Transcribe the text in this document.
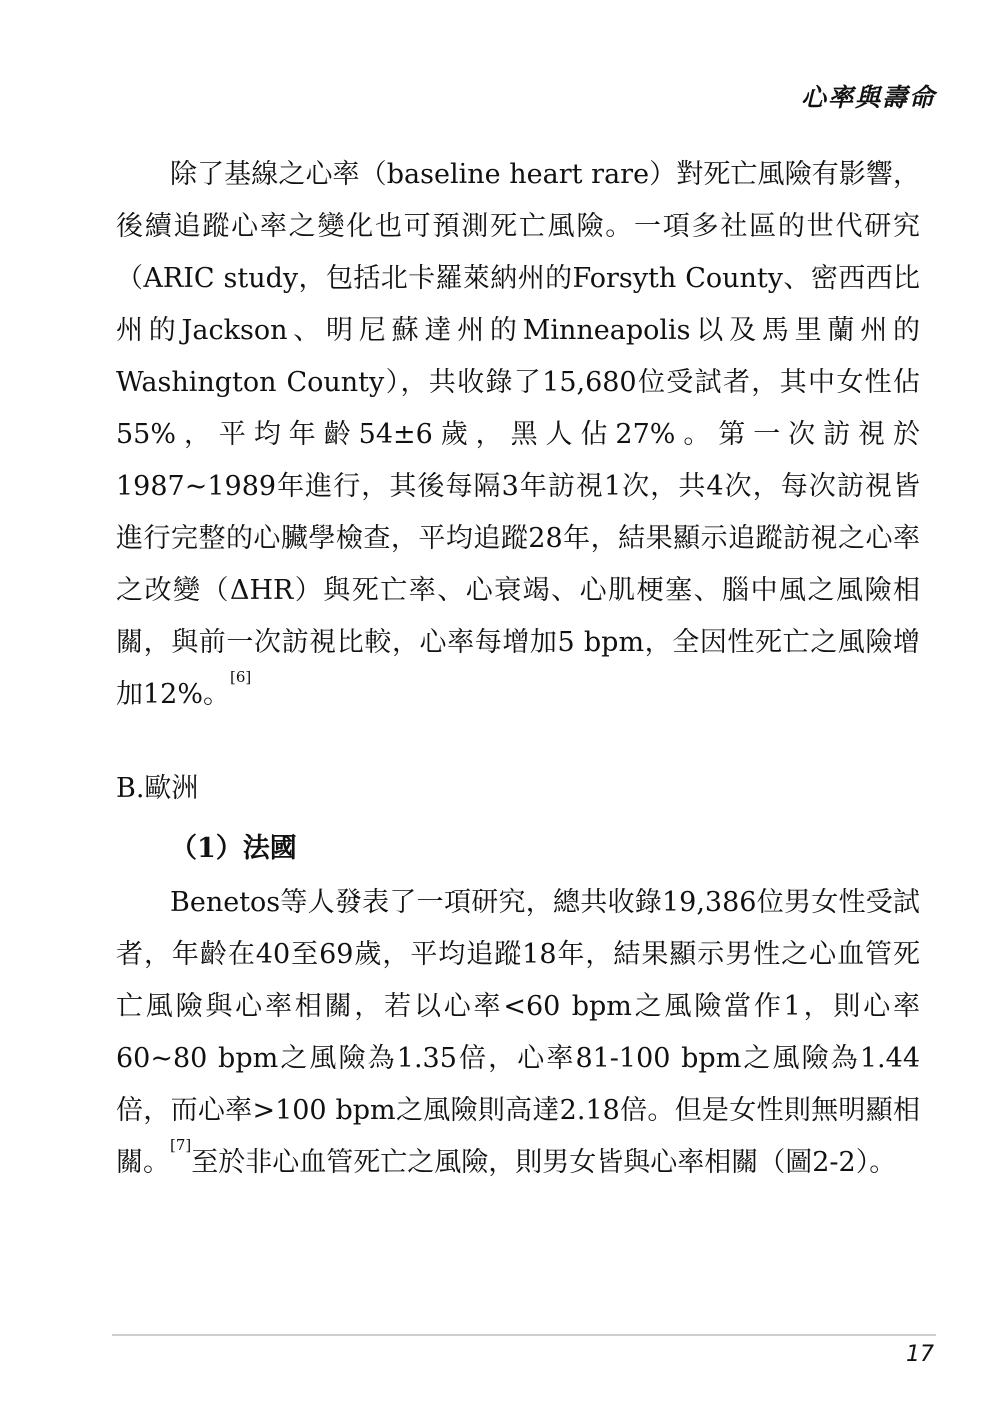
心率與壽命

除了基線之心率（baseline heart rare）對死亡風險有影響，後續追蹤心率之變化也可預測死亡風險。一項多社區的世代研究（ARIC study，包括北卡羅萊納州的Forsyth County、密西西比州的Jackson、明尼蘇達州的Minneapolis以及馬里蘭州的Washington County），共收錄了15,680位受試者，其中女性佔55%，平均年齡54±6歲，黑人佔27%。第一次訪視於1987~1989年進行，其後每隔3年訪視1次，共4次，每次訪視皆進行完整的心臟學檢查，平均追蹤28年，結果顯示追蹤訪視之心率之改變（ΔHR）與死亡率、心衰竭、心肌梗塞、腦中風之風險相關，與前一次訪視比較，心率每增加5 bpm，全因性死亡之風險增加12%。[6]

B.歐洲
（1）法國

Benetos等人發表了一項研究，總共收錄19,386位男女性受試者，年齡在40至69歲，平均追蹤18年，結果顯示男性之心血管死亡風險與心率相關，若以心率<60 bpm之風險當作1，則心率60~80 bpm之風險為1.35倍，心率81-100 bpm之風險為1.44倍，而心率>100 bpm之風險則高達2.18倍。但是女性則無明顯相關。[7]至於非心血管死亡之風險，則男女皆與心率相關（圖2-2）。

17
